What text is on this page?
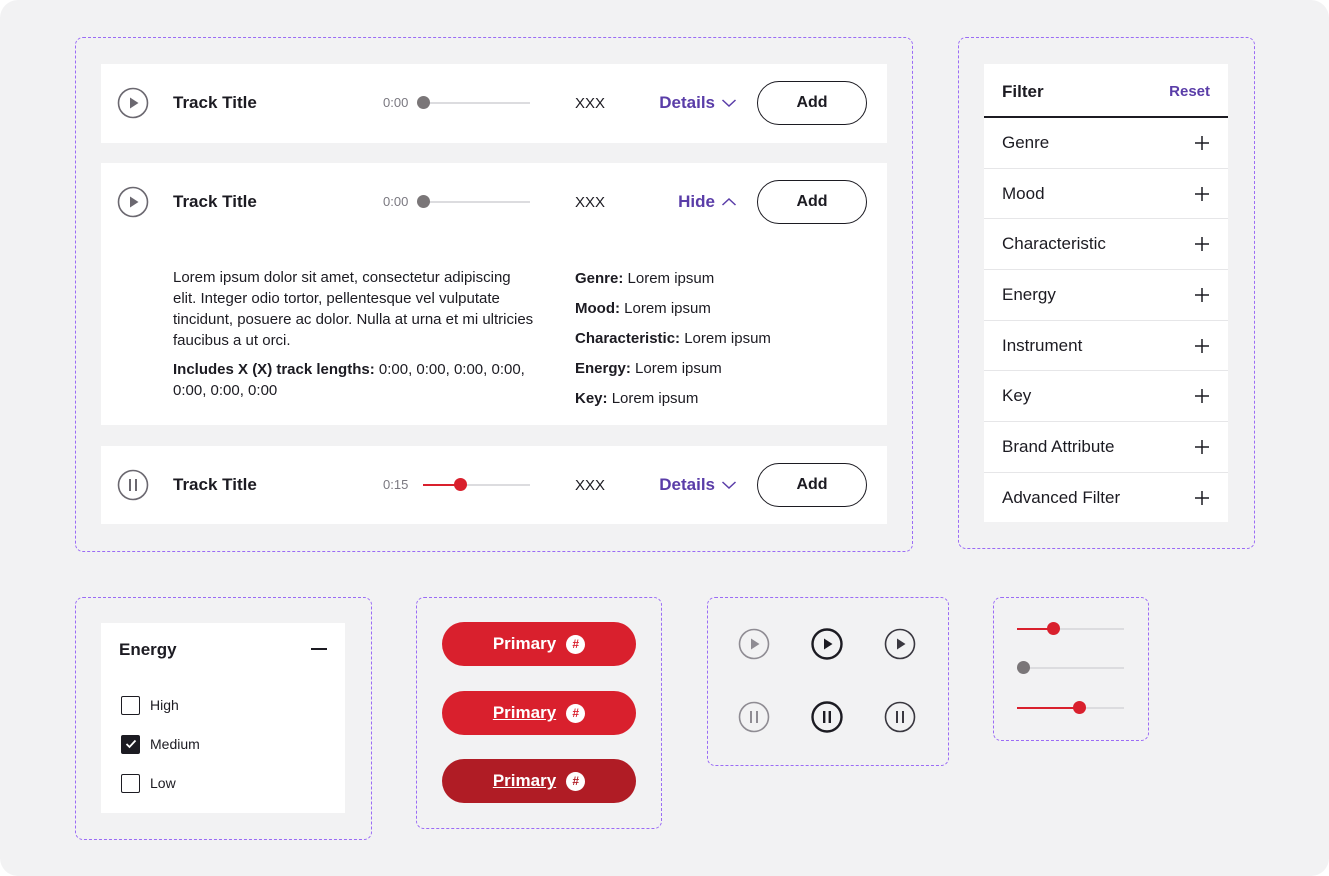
Track Title	0:00	XXX	Details	Add
Track Title	0:00	XXX	Hide	Add
Lorem ipsum dolor sit amet, consectetur adipiscing elit. Integer odio tortor, pellentesque vel vulputate tincidunt, posuere ac dolor. Nulla at urna et mi ultricies faucibus a ut orci.
Includes X (X) track lengths: 0:00, 0:00, 0:00, 0:00, 0:00, 0:00, 0:00
Genre: Lorem ipsum
Mood: Lorem ipsum
Characteristic: Lorem ipsum
Energy: Lorem ipsum
Key: Lorem ipsum
Track Title	0:15	XXX	Details	Add
Filter	Reset
Genre
Mood
Characteristic
Energy
Instrument
Key
Brand Attribute
Advanced Filter
Energy
High
Medium
Low
Primary	#
Primary	#
Primary	#
